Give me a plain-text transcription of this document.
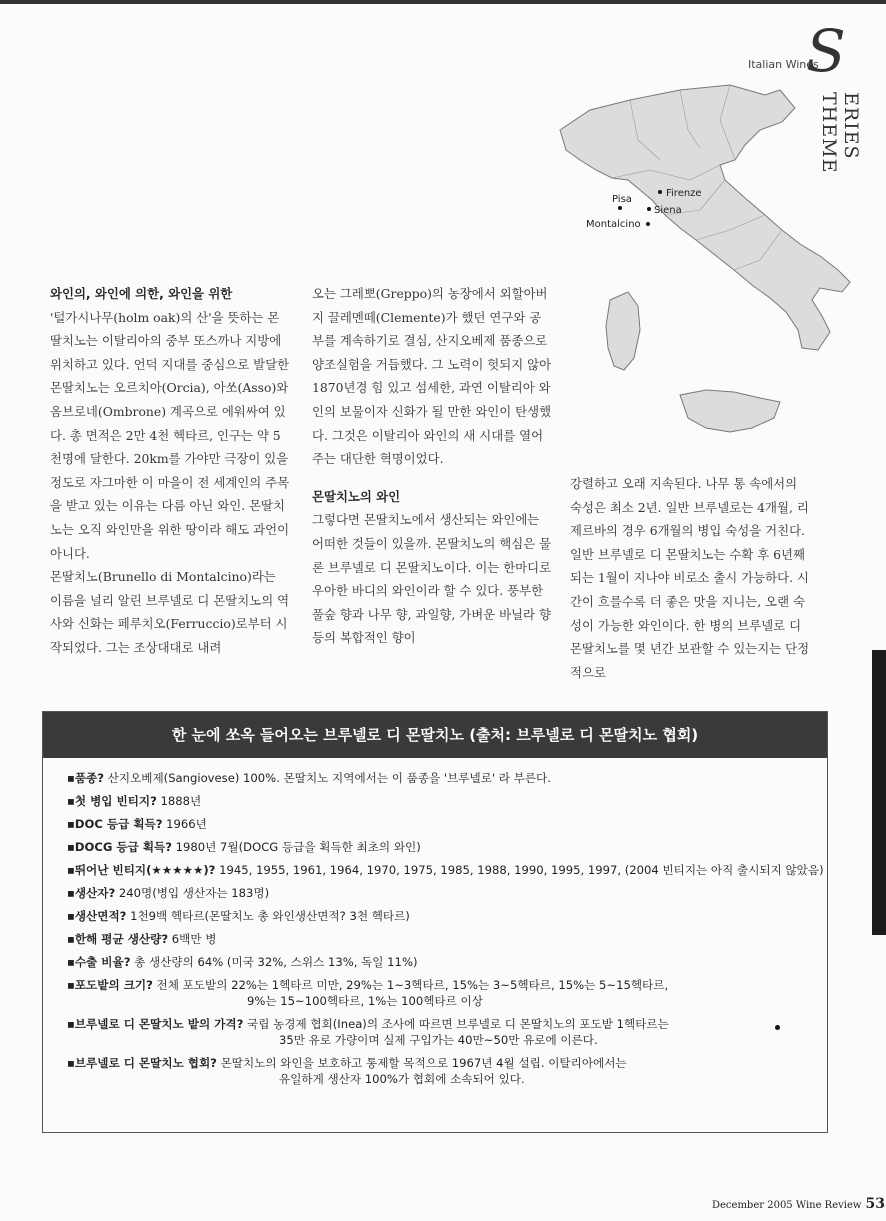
S
Italian Wines
ERIES THEME
Pisa
Firenze
Siena
Montalcino

와인의, 와인에 의한, 와인을 위한

'털가시나무(holm oak)의 산'을 뜻하는 몬딸치노는 이탈리아의 중부 또스까나 지방에 위치하고 있다. 언덕 지대를 중심으로 발달한 몬딸치노는 오르치아(Orcia), 아쏘(Asso)와 옴브로네(Ombrone) 계곡으로 에워싸여 있다. 총 면적은 2만 4천 헥타르, 인구는 약 5천명에 달한다. 20km를 가야만 극장이 있을 정도로 자그마한 이 마을이 전 세계인의 주목을 받고 있는 이유는 다름 아닌 와인. 몬딸치노는 오직 와인만을 위한 땅이라 해도 과언이 아니다.

몬딸치노(Brunello di Montalcino)라는 이름을 널리 알린 브루넬로 디 몬딸치노의 역사와 신화는 페루치오(Ferruccio)로부터 시작되었다. 그는 조상대대로 내려

오는 그레뽀(Greppo)의 농장에서 외할아버지 끌레멘떼(Clemente)가 했던 연구와 공부를 계속하기로 결심, 산지오베제 품종으로 양조실험을 거듭했다. 그 노력이 헛되지 않아 1870년경 힘 있고 섬세한, 과연 이탈리아 와인의 보물이자 신화가 될 만한 와인이 탄생했다. 그것은 이탈리아 와인의 새 시대를 열어주는 대단한 혁명이었다.

몬딸치노의 와인

그렇다면 몬딸치노에서 생산되는 와인에는 어떠한 것들이 있을까. 몬딸치노의 핵심은 물론 브루넬로 디 몬딸치노이다. 이는 한마디로 우아한 바디의 와인이라 할 수 있다. 풍부한 풀숲 향과 나무 향, 과일향, 가벼운 바닐라 향 등의 복합적인 향이

강렬하고 오래 지속된다. 나무 통 속에서의 숙성은 최소 2년. 일반 브루넬로는 4개월, 리제르바의 경우 6개월의 병입 숙성을 거친다. 일반 브루넬로 디 몬딸치노는 수확 후 6년째 되는 1월이 지나야 비로소 출시 가능하다. 시간이 흐를수록 더 좋은 맛을 지니는, 오랜 숙성이 가능한 와인이다. 한 병의 브루넬로 디 몬딸치노를 몇 년간 보관할 수 있는지는 단정적으로

한 눈에 쏘옥 들어오는 브루넬로 디 몬딸치노 (출처: 브루넬로 디 몬딸치노 협회)
▪품종? 산지오베제(Sangiovese) 100%. 몬딸치노 지역에서는 이 품종을 '브루넬로' 라 부른다.
▪첫 병입 빈티지? 1888년
▪DOC 등급 획득? 1966년
▪DOCG 등급 획득? 1980년 7월(DOCG 등급을 획득한 최초의 와인)
▪뛰어난 빈티지(★★★★★)? 1945, 1955, 1961, 1964, 1970, 1975, 1985, 1988, 1990, 1995, 1997, (2004 빈티지는 아직 출시되지 않았음)
▪생산자? 240명(병입 생산자는 183명)
▪생산면적? 1천9백 헥타르(몬딸치노 총 와인생산면적? 3천 헥타르)
▪한해 평균 생산량? 6백만 병
▪수출 비율? 총 생산량의 64% (미국 32%, 스위스 13%, 독일 11%)
▪포도밭의 크기? 전체 포도밭의 22%는 1헥타르 미만, 29%는 1~3헥타르, 15%는 3~5헥타르, 15%는 5~15헥타르,
9%는 15~100헥타르, 1%는 100헥타르 이상
▪브루넬로 디 몬딸치노 밭의 가격? 국립 농경제 협회(Inea)의 조사에 따르면 브루넬로 디 몬딸치노의 포도밭 1헥타르는
35만 유로 가량이며 실제 구입가는 40만~50만 유로에 이른다.
▪브루넬로 디 몬딸치노 협회? 몬딸치노의 와인을 보호하고 통제할 목적으로 1967년 4월 설립. 이탈리아에서는
유일하게 생산자 100%가 협회에 소속되어 있다.
December 2005 Wine Review 53
